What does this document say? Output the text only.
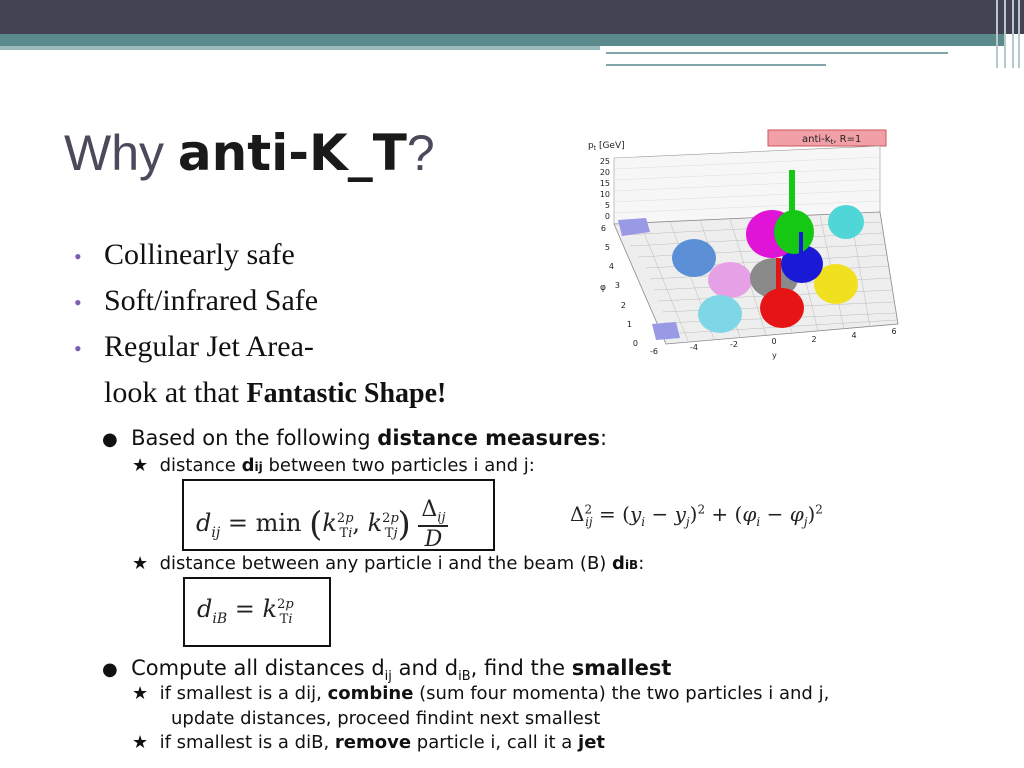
Why anti-K_T?
• Collinearly safe
• Soft/infrared Safe
• Regular Jet Area-
look at that Fantastic Shape!
anti-$k_t$, R=1
$p_t$ [GeV]
25
20
15
10
5
0
6
5
4
3
2
1
0
φ
-6	-4	-2	0	2	4	6
y
● Based on the following distance measures:
★ distance dij between two particles i and j:
$d_{ij} = \min (k^{2p}_{Ti}$, $k^{2p}_{Tj}) \frac{\Delta_{ij}}{D}$	$\Delta^2_{ij} = (y_i - y_j)^2 + (\varphi_i - \varphi_j)^2$
★ distance between any particle i and the beam (B) diB:
$d_{iB} = k^{2p}_{Ti}$
● Compute all distances $d_{ij}$ and $d_{iB}$, find the smallest
★ if smallest is a dij, combine (sum four momenta) the two particles i and j,
update distances, proceed findint next smallest
★ if smallest is a diB, remove particle i, call it a jet
